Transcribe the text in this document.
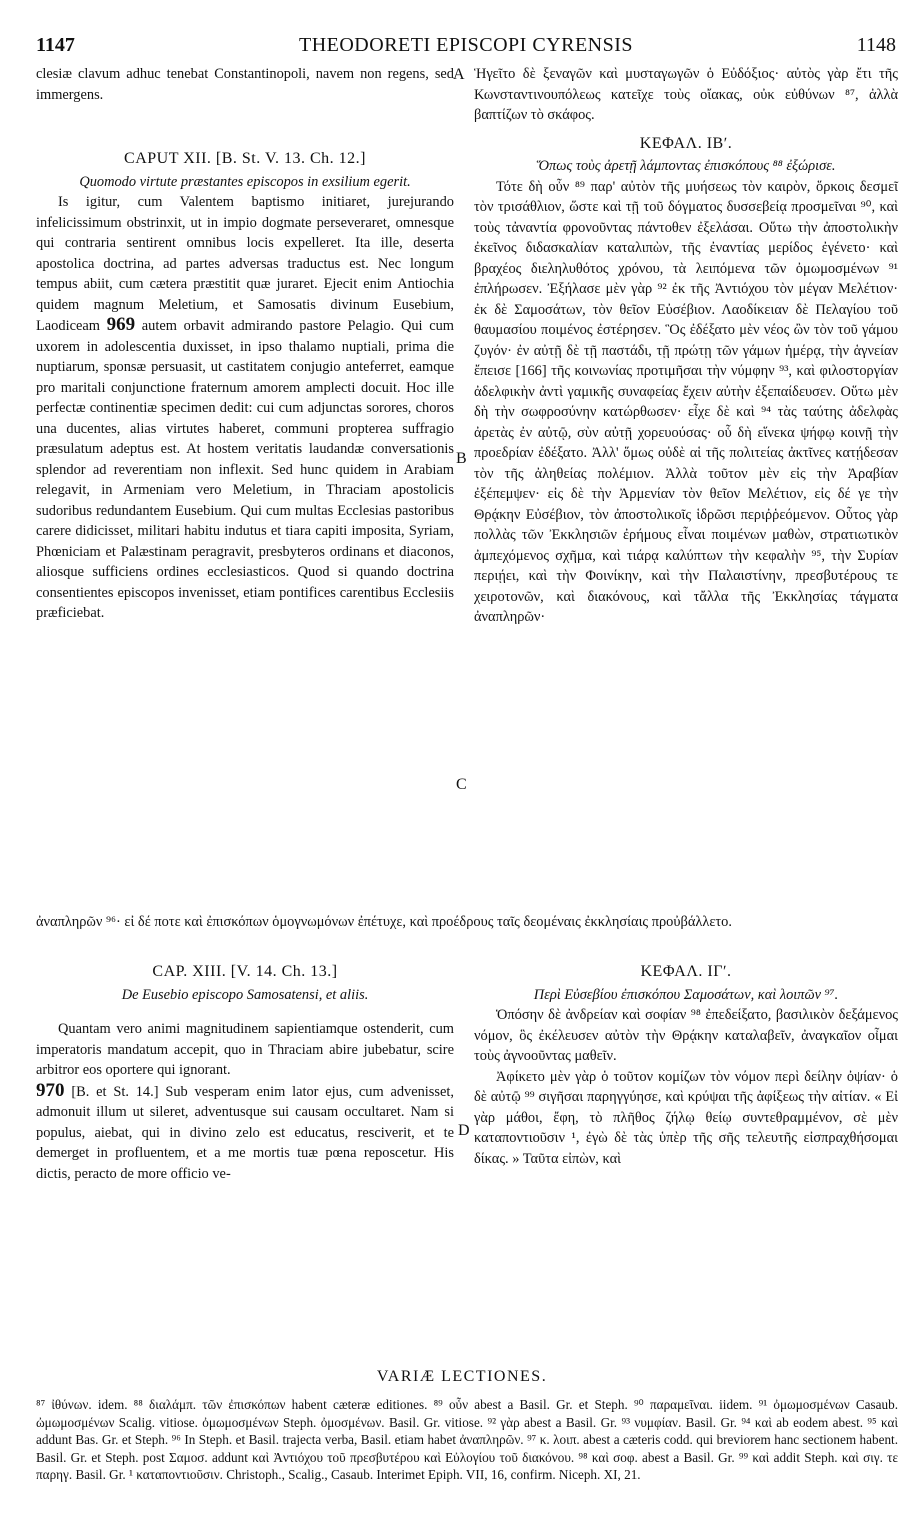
1147	THEODORETI EPISCOPI CYRENSIS	1148
A
B
C
D

clesiæ clavum adhuc tenebat Constantinopoli, navem non regens, sed immergens.

CAPUT XII. [B. St. V. 13. Ch. 12.]

Quomodo virtute præstantes episcopos in exsilium egerit.

Is igitur, cum Valentem baptismo initiaret, jurejurando infelicissimum obstrinxit, ut in impio dogmate perseveraret, omnesque qui contraria sentirent omnibus locis expelleret. Ita ille, deserta apostolica doctrina, ad partes adversas traductus est. Nec longum tempus abiit, cum cætera præstitit quæ juraret. Ejecit enim Antiochia quidem magnum Meletium, et Samosatis divinum Eusebium, Laodiceam 969 autem orbavit admirando pastore Pelagio. Qui cum uxorem in adolescentia duxisset, in ipso thalamo nuptiali, prima die nuptiarum, sponsæ persuasit, ut castitatem conjugio anteferret, eamque pro maritali conjunctione fraternum amorem amplecti docuit. Hoc ille perfectæ continentiæ specimen dedit: cui cum adjunctas sorores, choros una ducentes, alias virtutes haberet, communi propterea suffragio præsulatum adeptus est. At hostem veritatis laudandæ conversationis splendor ad reverentiam non inflexit. Sed hunc quidem in Arabiam relegavit, in Armeniam vero Meletium, in Thraciam apostolicis sudoribus redundantem Eusebium. Qui cum multas Ecclesias pastoribus carere didicisset, militari habitu indutus et tiara capiti imposita, Syriam, Phœniciam et Palæstinam peragravit, presbyteros ordinans et diaconos, aliosque sufficiens ordines ecclesiasticos. Quod si quando doctrina consentientes episcopos invenisset, etiam pontifices carentibus Ecclesiis præficiebat.

Ἡγεῖτο δὲ ξεναγῶν καὶ μυσταγωγῶν ὁ Εὐδόξιος· αὐτὸς γὰρ ἔτι τῆς Κωνσταντινουπόλεως κατεῖχε τοὺς οἴακας, οὐκ εὐθύνων ⁸⁷, ἀλλὰ βαπτίζων τὸ σκάφος.

ΚΕΦΑΛ. ΙΒʹ.

Ὅπως τοὺς ἀρετῇ λάμποντας ἐπισκόπους ⁸⁸ ἐξώρισε.

Τότε δὴ οὖν ⁸⁹ παρ' αὐτὸν τῆς μυήσεως τὸν καιρὸν, ὅρκοις δεσμεῖ τὸν τρισάθλιον, ὥστε καὶ τῇ τοῦ δόγματος δυσσεβείᾳ προσμεῖναι ⁹⁰, καὶ τοὺς τἀναντία φρονοῦντας πάντοθεν ἐξελάσαι. Οὕτω τὴν ἀποστολικὴν ἐκεῖνος διδασκαλίαν καταλιπὼν, τῆς ἐναντίας μερίδος ἐγένετο· καὶ βραχέος διεληλυθότος χρόνου, τὰ λειπόμενα τῶν ὀμωμοσμένων ⁹¹ ἐπλήρωσεν. Ἐξήλασε μὲν γὰρ ⁹² ἐκ τῆς Ἀντιόχου τὸν μέγαν Μελέτιον· ἐκ δὲ Σαμοσάτων, τὸν θεῖον Εὐσέβιον. Λαοδίκειαν δὲ Πελαγίου τοῦ θαυμασίου ποιμένος ἐστέρησεν. Ὃς ἐδέξατο μὲν νέος ὢν τὸν τοῦ γάμου ζυγόν· ἐν αὐτῇ δὲ τῇ παστάδι, τῇ πρώτῃ τῶν γάμων ἡμέρᾳ, τὴν ἁγνείαν ἔπεισε [166] τῆς κοινωνίας προτιμῆσαι τὴν νύμφην ⁹³, καὶ φιλοστοργίαν ἀδελφικὴν ἀντὶ γαμικῆς συναφείας ἔχειν αὐτὴν ἐξεπαίδευσεν. Οὕτω μὲν δὴ τὴν σωφροσύνην κατώρθωσεν· εἶχε δὲ καὶ ⁹⁴ τὰς ταύτης ἀδελφὰς ἀρετὰς ἐν αὐτῷ, σὺν αὐτῇ χορευούσας· οὗ δὴ εἵνεκα ψήφῳ κοινῇ τὴν προεδρίαν ἐδέξατο. Ἀλλ' ὅμως οὐδὲ αἱ τῆς πολιτείας ἀκτῖνες κατῄδεσαν τὸν τῆς ἀληθείας πολέμιον. Ἀλλὰ τοῦτον μὲν εἰς τὴν Ἀραβίαν ἐξέπεμψεν· εἰς δὲ τὴν Ἀρμενίαν τὸν θεῖον Μελέτιον, εἰς δέ γε τὴν Θρᾴκην Εὐσέβιον, τὸν ἀποστολικοῖς ἱδρῶσι περιῤῥεόμενον. Οὗτος γὰρ πολλὰς τῶν Ἐκκλησιῶν ἐρήμους εἶναι ποιμένων μαθὼν, στρατιωτικὸν ἀμπεχόμενος σχῆμα, καὶ τιάρᾳ καλύπτων τὴν κεφαλὴν ⁹⁵, τὴν Συρίαν περιῄει, καὶ τὴν Φοινίκην, καὶ τὴν Παλαιστίνην, πρεσβυτέρους τε χειροτονῶν, καὶ διακόνους, καὶ τἄλλα τῆς Ἐκκλησίας τάγματα ἀναπληρῶν·

ἀναπληρῶν ⁹⁶· εἰ δέ ποτε καὶ ἐπισκόπων ὁμογνωμόνων ἐπέτυχε, καὶ προέδρους ταῖς δεομέναις ἐκκλησίαις προὐβάλλετο.

CAP. XIII. [V. 14. Ch. 13.]

De Eusebio episcopo Samosatensi, et aliis.

Quantam vero animi magnitudinem sapientiamque ostenderit, cum imperatoris mandatum accepit, quo in Thraciam abire jubebatur, scire arbitror eos oportere qui ignorant.

970 [B. et St. 14.] Sub vesperam enim lator ejus, cum advenisset, admonuit illum ut sileret, adventusque sui causam occultaret. Nam si populus, aiebat, qui in divino zelo est educatus, resciverit, et te demerget in profluentem, et a me mortis tuæ pœna reposcetur. His dictis, peracto de more officio ve-

ΚΕΦΑΛ. ΙΓʹ.

Περὶ Εὐσεβίου ἐπισκόπου Σαμοσάτων, καὶ λοιπῶν ⁹⁷.

Ὁπόσην δὲ ἀνδρείαν καὶ σοφίαν ⁹⁸ ἐπεδείξατο, βασιλικὸν δεξάμενος νόμον, ὃς ἐκέλευσεν αὐτὸν τὴν Θρᾴκην καταλαβεῖν, ἀναγκαῖον οἶμαι τοὺς ἀγνοοῦντας μαθεῖν.

Ἀφίκετο μὲν γὰρ ὁ τοῦτον κομίζων τὸν νόμον περὶ δείλην ὀψίαν· ὁ δὲ αὐτῷ ⁹⁹ σιγῆσαι παρηγγύησε, καὶ κρύψαι τῆς ἀφίξεως τὴν αἰτίαν. « Εἰ γὰρ μάθοι, ἔφη, τὸ πλῆθος ζήλῳ θείῳ συντεθραμμένον, σὲ μὲν καταποντιοῦσιν ¹, ἐγὼ δὲ τὰς ὑπὲρ τῆς σῆς τελευτῆς εἰσπραχθήσομαι δίκας. » Ταῦτα εἰπὼν, καὶ

VARIÆ LECTIONES.

⁸⁷ ἰθύνων. idem. ⁸⁸ διαλάμπ. τῶν ἐπισκόπων habent cæteræ editiones. ⁸⁹ οὖν abest a Basil. Gr. et Steph. ⁹⁰ παραμεῖναι. iidem. ⁹¹ ὀμωμοσμένων Casaub. ὠμωμοσμένων Scalig. vitiose. ὀμωμοσμένων Steph. ὀμοσμένων. Basil. Gr. vitiose. ⁹² γὰρ abest a Basil. Gr. ⁹³ νυμφίαν. Basil. Gr. ⁹⁴ καὶ ab eodem abest. ⁹⁵ καὶ addunt Bas. Gr. et Steph. ⁹⁶ In Steph. et Basil. trajecta verba, Basil. etiam habet ἀναπληρῶν. ⁹⁷ κ. λοιπ. abest a cæteris codd. qui breviorem hanc sectionem habent. Basil. Gr. et Steph. post Σαμοσ. addunt καὶ Ἀντιόχου τοῦ πρεσβυτέρου καὶ Εὐλογίου τοῦ διακόνου. ⁹⁸ καὶ σοφ. abest a Basil. Gr. ⁹⁹ καὶ addit Steph. καὶ σιγ. τε παρηγ. Basil. Gr. ¹ καταποντιοῦσιν. Christoph., Scalig., Casaub. Interimet Epiph. VII, 16, confirm. Niceph. XI, 21.
